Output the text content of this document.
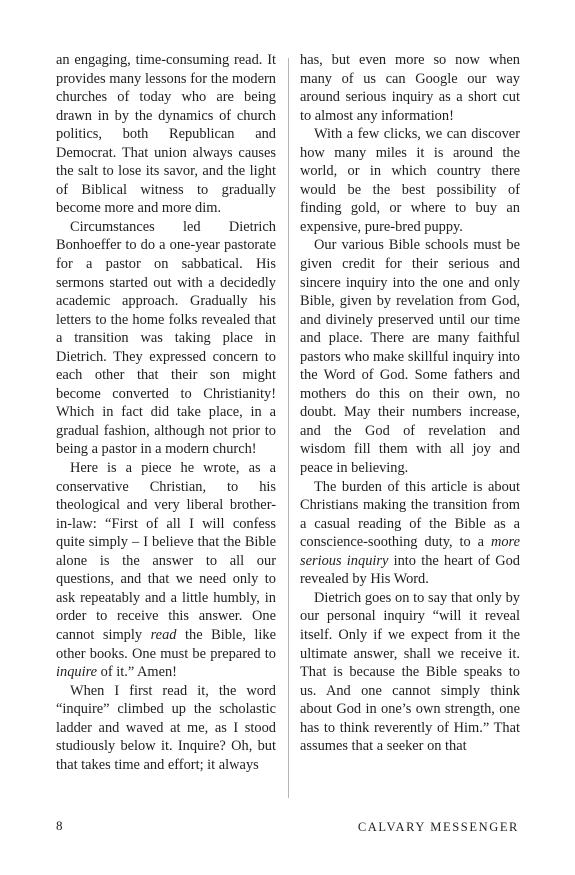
an engaging, time-consuming read. It provides many lessons for the modern churches of today who are being drawn in by the dynamics of church politics, both Republican and Democrat. That union always causes the salt to lose its savor, and the light of Biblical witness to gradually become more and more dim.

Circumstances led Dietrich Bonhoeffer to do a one-year pastorate for a pastor on sabbatical. His sermons started out with a decidedly academic approach. Gradually his letters to the home folks revealed that a transition was taking place in Dietrich. They expressed concern to each other that their son might become converted to Christianity! Which in fact did take place, in a gradual fashion, although not prior to being a pastor in a modern church!

Here is a piece he wrote, as a conservative Christian, to his theological and very liberal brother-in-law: “First of all I will confess quite simply – I believe that the Bible alone is the answer to all our questions, and that we need only to ask repeatably and a little humbly, in order to receive this answer. One cannot simply read the Bible, like other books. One must be prepared to inquire of it.” Amen!

When I first read it, the word “inquire” climbed up the scholastic ladder and waved at me, as I stood studiously below it. Inquire? Oh, but that takes time and effort; it always

has, but even more so now when many of us can Google our way around serious inquiry as a short cut to almost any information!

With a few clicks, we can discover how many miles it is around the world, or in which country there would be the best possibility of finding gold, or where to buy an expensive, pure-bred puppy.

Our various Bible schools must be given credit for their serious and sincere inquiry into the one and only Bible, given by revelation from God, and divinely preserved until our time and place. There are many faithful pastors who make skillful inquiry into the Word of God. Some fathers and mothers do this on their own, no doubt. May their numbers increase, and the God of revelation and wisdom fill them with all joy and peace in believing.

The burden of this article is about Christians making the transition from a casual reading of the Bible as a conscience-soothing duty, to a more serious inquiry into the heart of God revealed by His Word.

Dietrich goes on to say that only by our personal inquiry “will it reveal itself. Only if we expect from it the ultimate answer, shall we receive it. That is because the Bible speaks to us. And one cannot simply think about God in one’s own strength, one has to think reverently of Him.” That assumes that a seeker on that

8	CALVARY MESSENGER
